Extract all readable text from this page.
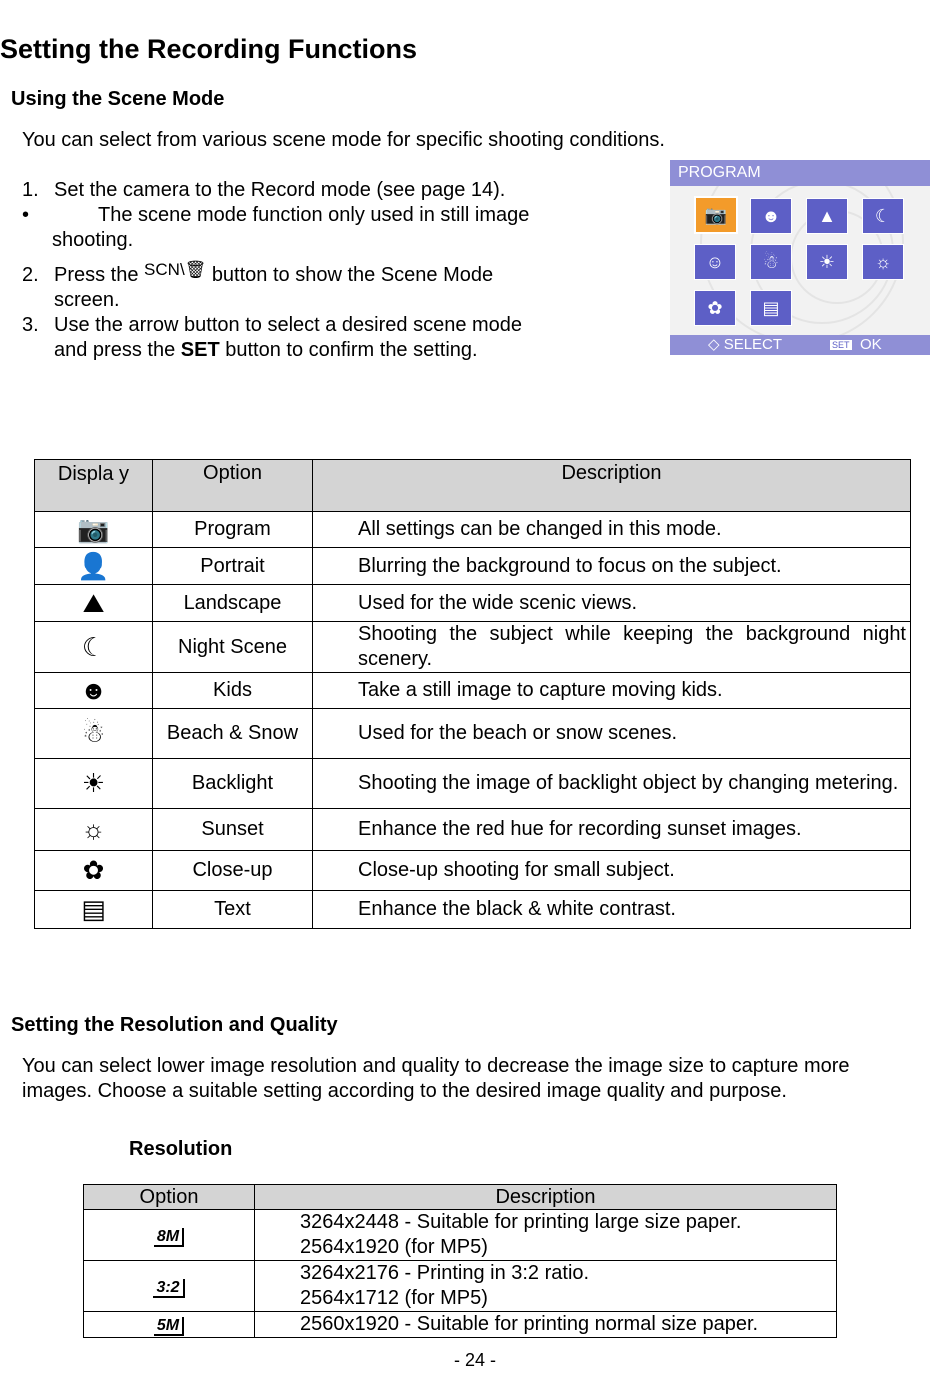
Setting the Recording Functions
Using the Scene Mode
You can select from various scene mode for specific shooting conditions.
1. Set the camera to the Record mode (see page 14).
•	The scene mode function only used in still image
shooting.
2. Press the SCN\🗑 button to show the Scene Mode
screen.
3. Use the arrow button to select a desired scene mode
and press the SET button to confirm the setting.
PROGRAM
📷	☻	▲	☾
☺	☃	☀	☼
✿	▤
◇ SELECT	SET OK
Displa y	Option	Description
📷	Program	All settings can be changed in this mode.
👤	Portrait	Blurring the background to focus on the subject.
⛰	Landscape	Used for the wide scenic views.
☾	Night Scene	Shooting the subject while keeping the background night scenery.
☻	Kids	Take a still image to capture moving kids.
☃	Beach & Snow	Used for the beach or snow scenes.
☀	Backlight	Shooting the image of backlight object by changing metering.
☼	Sunset	Enhance the red hue for recording sunset images.
✿	Close-up	Close-up shooting for small subject.
▤	Text	Enhance the black & white contrast.
Setting the Resolution and Quality
You can select lower image resolution and quality to decrease the image size to capture more
images. Choose a suitable setting according to the desired image quality and purpose.
Resolution
Option	Description
8M	3264x2448 - Suitable for printing large size paper.
2564x1920 (for MP5)

3:2	3264x2176 - Printing in 3:2 ratio.
2564x1712 (for MP5)

5M	2560x1920 - Suitable for printing normal size paper.
- 24 -
